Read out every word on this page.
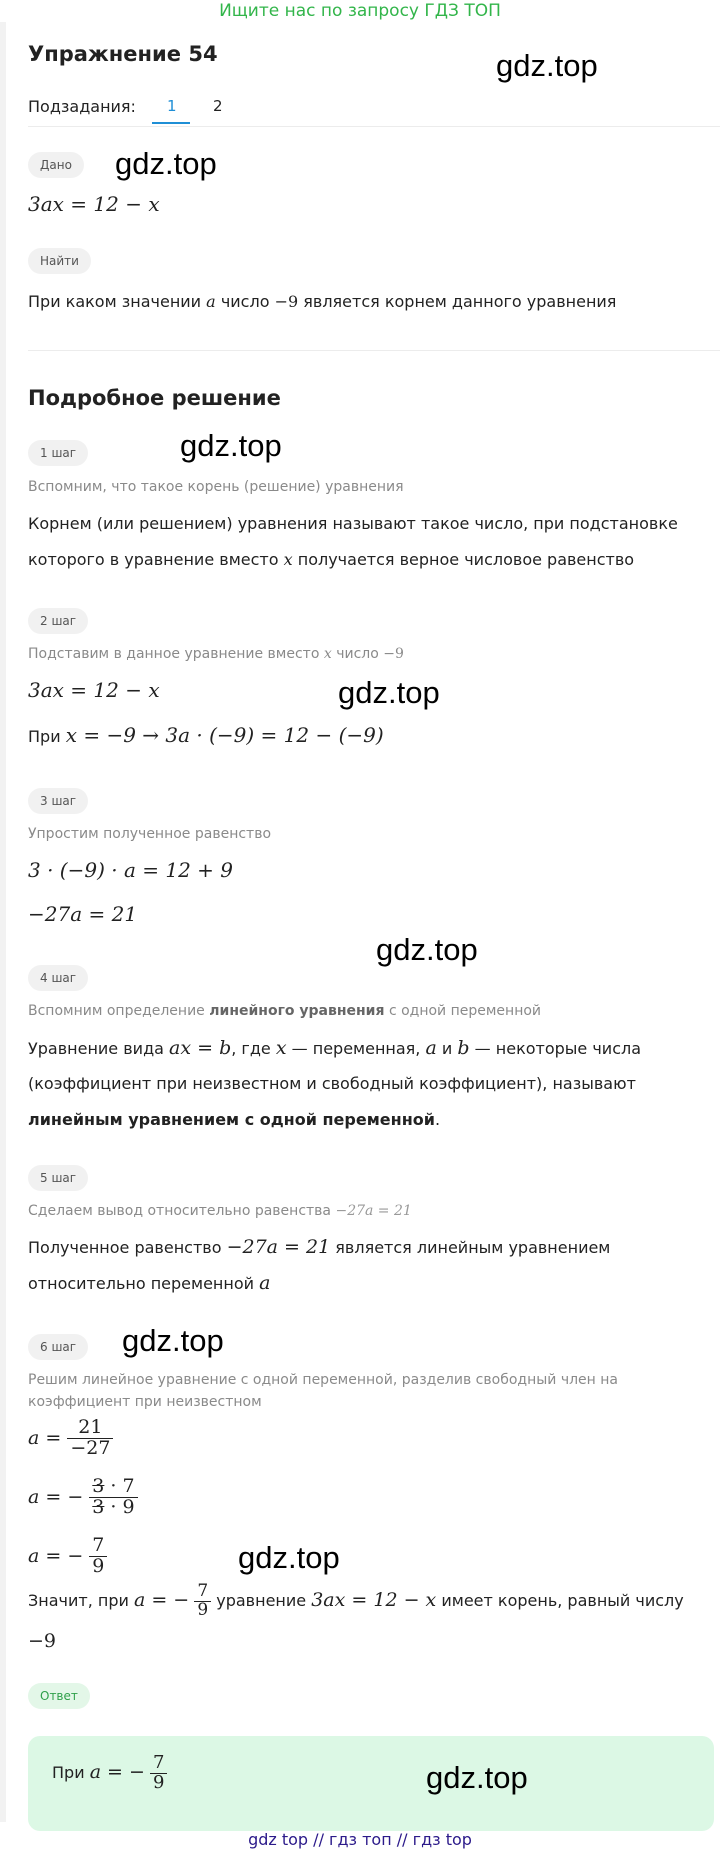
Ищите нас по запросу ГДЗ ТОП
Упражнение 54	gdz.top
Подзадания: 1 2
Дано	gdz.top
3ax = 12 − x
Найти
При каком значении a число −9 является корнем данного уравнения
Подробное решение
1 шаг	gdz.top
Вспомним, что такое корень (решение) уравнения
Корнем (или решением) уравнения называют такое число, при подстановке
которого в уравнение вместо x получается верное числовое равенство
2 шаг
Подставим в данное уравнение вместо x число −9
3ax = 12 − x	gdz.top
При x = −9 → 3a · (−9) = 12 − (−9)
3 шаг
Упростим полученное равенство
3 · (−9) · a = 12 + 9
−27a = 21
gdz.top
4 шаг
Вспомним определение линейного уравнения с одной переменной
Уравнение вида ax = b, где x — переменная, a и b — некоторые числа
(коэффициент при неизвестном и свободный коэффициент), называют
линейным уравнением с одной переменной.
5 шаг
Сделаем вывод относительно равенства −27a = 21
Полученное равенство −27a = 21 является линейным уравнением
относительно переменной a
6 шаг	gdz.top
Решим линейное уравнение с одной переменной, разделив свободный член на
коэффициент при неизвестном
$a = \frac{21}{-27}$
a = − $\frac{3 \cdot 7}{3 \cdot 9}$
a = − $\frac{7}{9}$	gdz.top
Значит, при a = − $\frac{7}{9}$ уравнение 3ax = 12 − x имеет корень, равный числу
−9
Ответ
При a = − $\frac{7}{9}$	gdz.top
gdz top // гдз топ // гдз top
